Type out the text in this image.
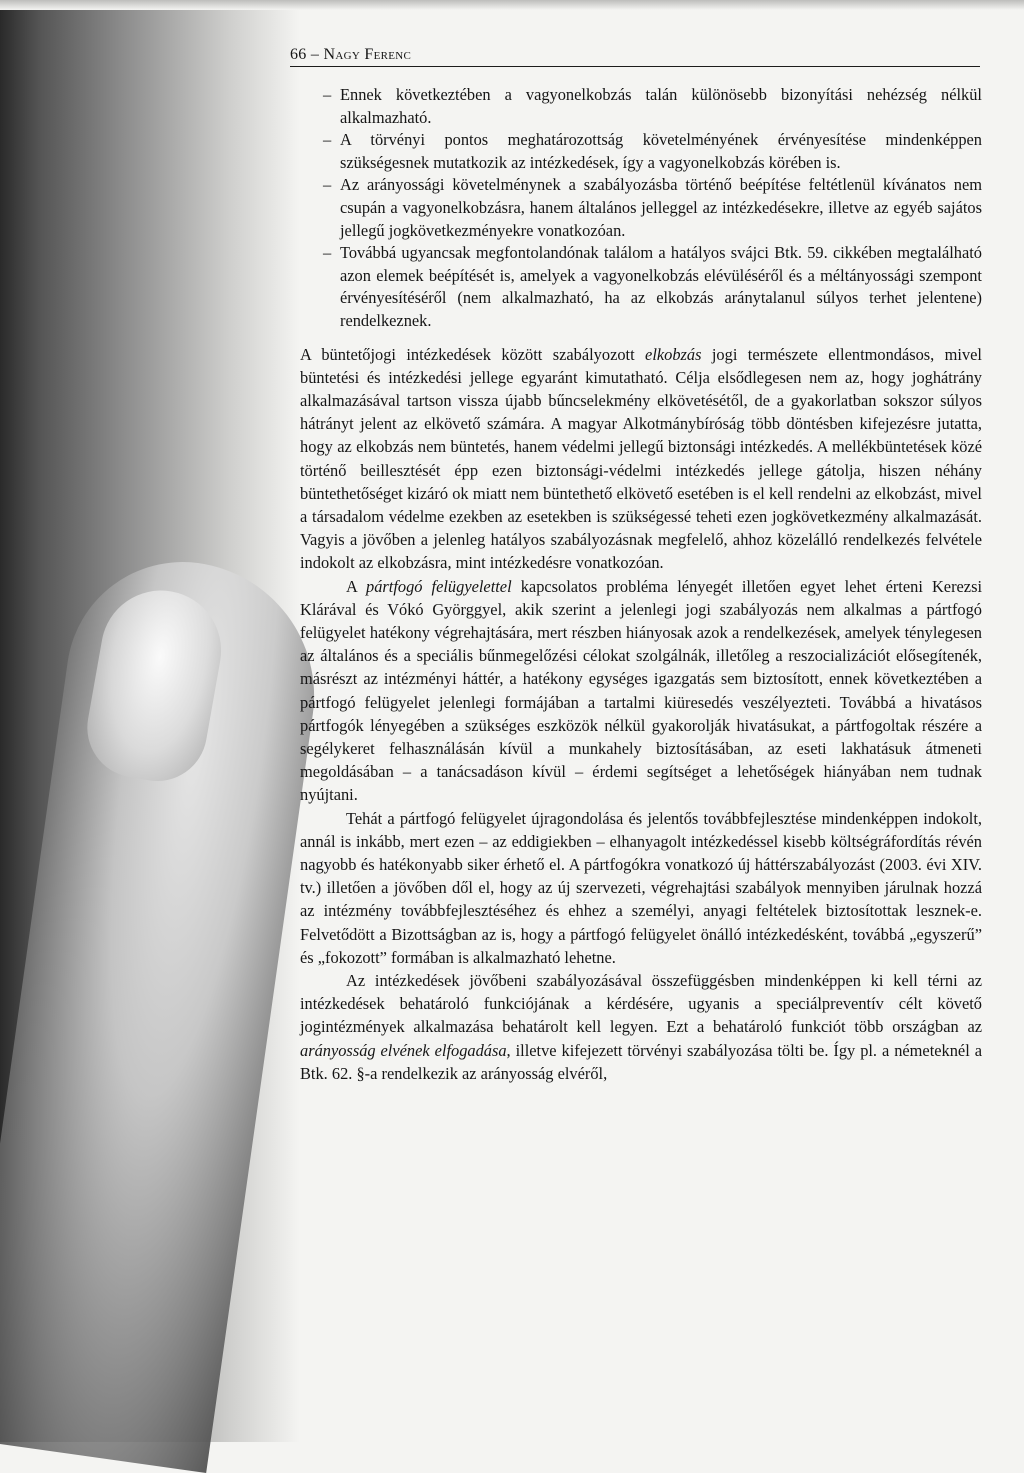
66 – Nagy Ferenc
– Ennek következtében a vagyonelkobzás talán különösebb bizonyítási nehézség nélkül alkalmazható.
– A törvényi pontos meghatározottság követelményének érvényesítése mindenképpen szükségesnek mutatkozik az intézkedések, így a vagyonelkobzás körében is.
– Az arányossági követelménynek a szabályozásba történő beépítése feltétlenül kívánatos nem csupán a vagyonelkobzásra, hanem általános jelleggel az intézkedésekre, illetve az egyéb sajátos jellegű jogkövetkezményekre vonatkozóan.
– Továbbá ugyancsak megfontolandónak találom a hatályos svájci Btk. 59. cikkében megtalálható azon elemek beépítését is, amelyek a vagyonelkobzás elévüléséről és a méltányossági szempont érvényesítéséről (nem alkalmazható, ha az elkobzás aránytalanul súlyos terhet jelentene) rendelkeznek.

A büntetőjogi intézkedések között szabályozott elkobzás jogi természete ellentmondásos, mivel büntetési és intézkedési jellege egyaránt kimutatható. Célja elsődlegesen nem az, hogy joghátrány alkalmazásával tartson vissza újabb bűncselekmény elkövetésétől, de a gyakorlatban sokszor súlyos hátrányt jelent az elkövető számára. A magyar Alkotmánybíróság több döntésben kifejezésre jutatta, hogy az elkobzás nem büntetés, hanem védelmi jellegű biztonsági intézkedés. A mellékbüntetések közé történő beillesztését épp ezen biztonsági-védelmi intézkedés jellege gátolja, hiszen néhány büntethetőséget kizáró ok miatt nem büntethető elkövető esetében is el kell rendelni az elkobzást, mivel a társadalom védelme ezekben az esetekben is szükségessé teheti ezen jogkövetkezmény alkalmazását. Vagyis a jövőben a jelenleg hatályos szabályozásnak megfelelő, ahhoz közelálló rendelkezés felvétele indokolt az elkobzásra, mint intézkedésre vonatkozóan.

A pártfogó felügyelettel kapcsolatos probléma lényegét illetően egyet lehet érteni Kerezsi Klárával és Vókó Györggyel, akik szerint a jelenlegi jogi szabályozás nem alkalmas a pártfogó felügyelet hatékony végrehajtására, mert részben hiányosak azok a rendelkezések, amelyek ténylegesen az általános és a speciális bűnmegelőzési célokat szolgálnák, illetőleg a reszocializációt elősegítenék, másrészt az intézményi háttér, a hatékony egységes igazgatás sem biztosított, ennek következtében a pártfogó felügyelet jelenlegi formájában a tartalmi kiüresedés veszélyezteti. Továbbá a hivatásos pártfogók lényegében a szükséges eszközök nélkül gyakorolják hivatásukat, a pártfogoltak részére a segélykeret felhasználásán kívül a munkahely biztosításában, az eseti lakhatásuk átmeneti megoldásában – a tanácsadáson kívül – érdemi segítséget a lehetőségek hiányában nem tudnak nyújtani.

Tehát a pártfogó felügyelet újragondolása és jelentős továbbfejlesztése mindenképpen indokolt, annál is inkább, mert ezen – az eddigiekben – elhanyagolt intézkedéssel kisebb költségráfordítás révén nagyobb és hatékonyabb siker érhető el. A pártfogókra vonatkozó új háttérszabályozást (2003. évi XIV. tv.) illetően a jövőben dől el, hogy az új szervezeti, végrehajtási szabályok mennyiben járulnak hozzá az intézmény továbbfejlesztéséhez és ehhez a személyi, anyagi feltételek biztosítottak lesznek-e. Felvetődött a Bizottságban az is, hogy a pártfogó felügyelet önálló intézkedésként, továbbá „egyszerű” és „fokozott” formában is alkalmazható lehetne.

Az intézkedések jövőbeni szabályozásával összefüggésben mindenképpen ki kell térni az intézkedések behatároló funkciójának a kérdésére, ugyanis a speciálpreventív célt követő jogintézmények alkalmazása behatárolt kell legyen. Ezt a behatároló funkciót több országban az arányosság elvének elfogadása, illetve kifejezett törvényi szabályozása tölti be. Így pl. a németeknél a Btk. 62. §-a rendelkezik az arányosság elvéről,
